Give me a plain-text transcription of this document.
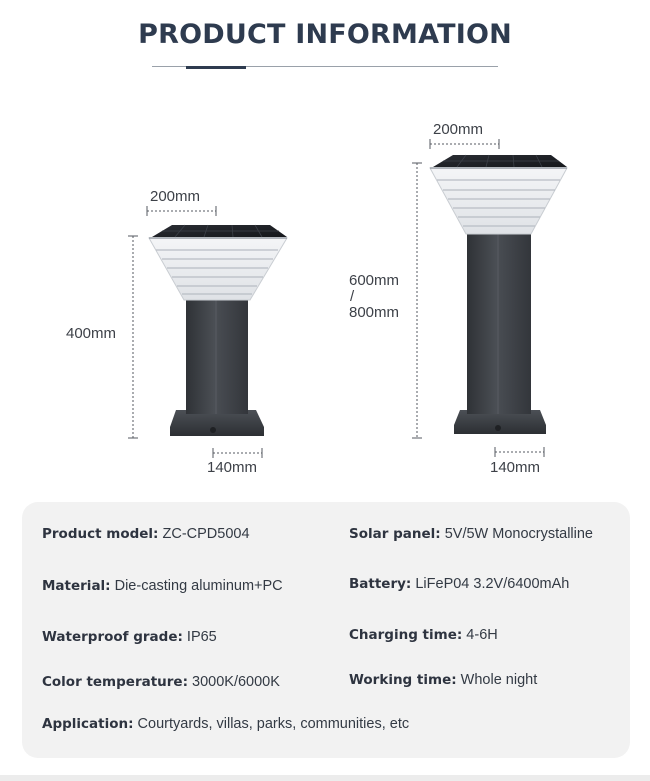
PRODUCT INFORMATION
200mm
400mm
140mm
200mm
600mm
/
800mm
140mm
Product model: ZC-CPD5004	Solar panel: 5V/5W Monocrystalline
Material: Die-casting aluminum+PC	Battery: LiFeP04 3.2V/6400mAh
Waterproof grade: IP65	Charging time: 4-6H
Color temperature: 3000K/6000K	Working time: Whole night
Application: Courtyards, villas, parks, communities, etc
